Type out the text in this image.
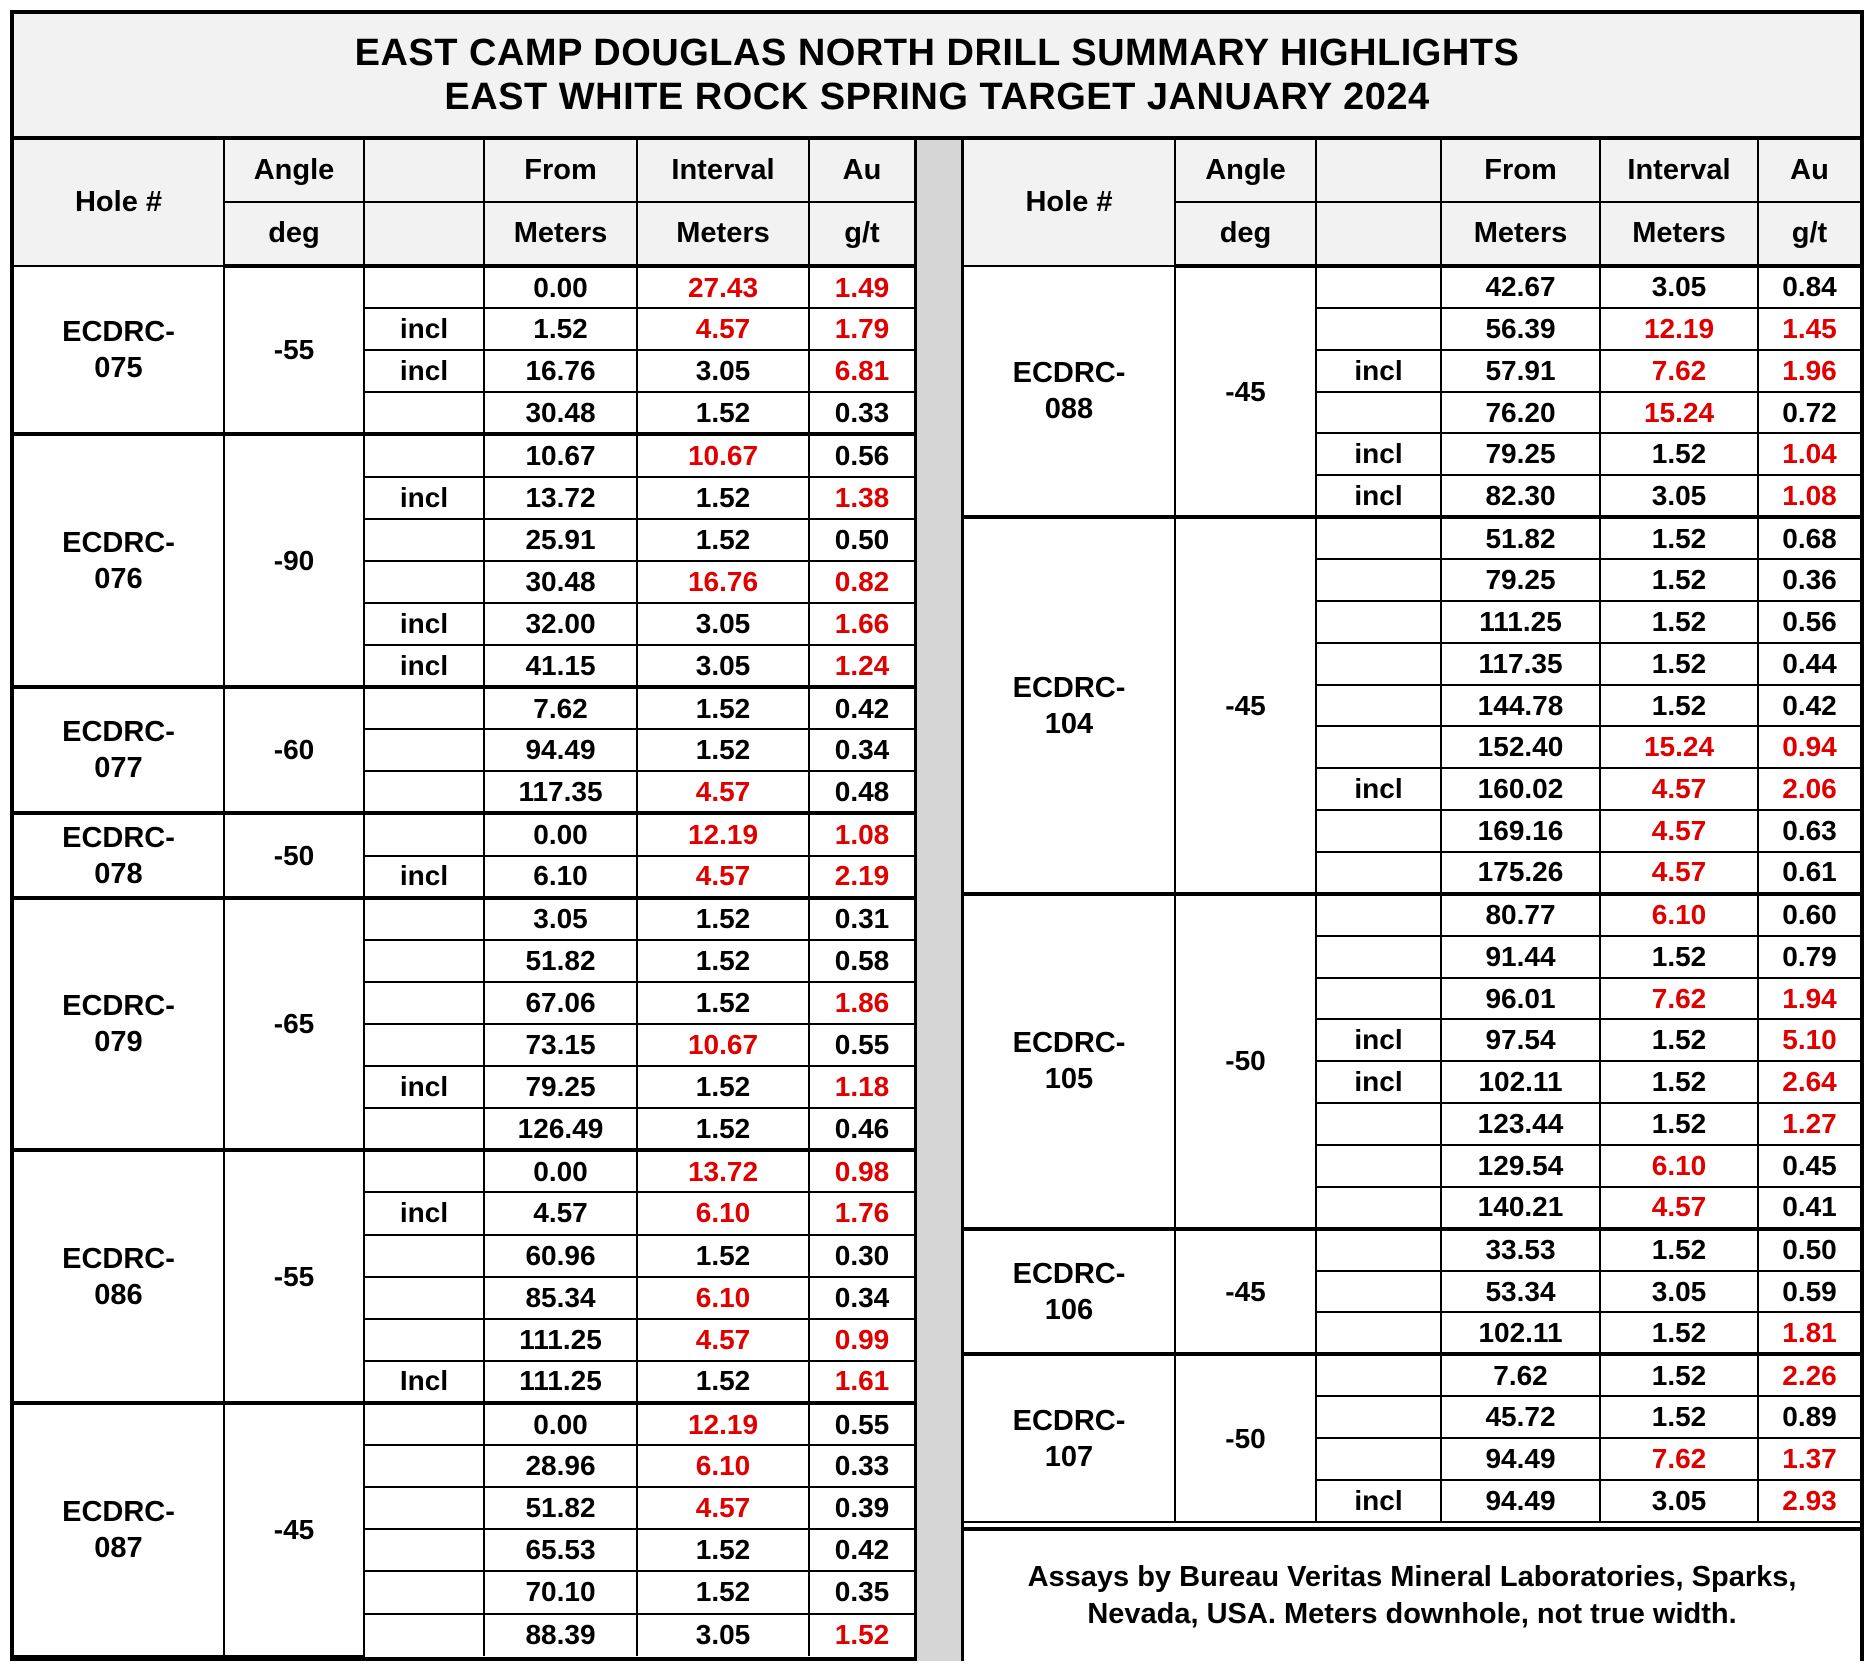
EAST CAMP DOUGLAS NORTH DRILL SUMMARY HIGHLIGHTS
EAST WHITE ROCK SPRING TARGET JANUARY 2024
Hole #	Angle		From	Interval	Au
	deg		Meters	Meters	g/t
ECDRC-
075	-55		0.00	27.43	1.49
		incl	1.52	4.57	1.79
		incl	16.76	3.05	6.81
			30.48	1.52	0.33
ECDRC-
076	-90		10.67	10.67	0.56
		incl	13.72	1.52	1.38
			25.91	1.52	0.50
			30.48	16.76	0.82
		incl	32.00	3.05	1.66
		incl	41.15	3.05	1.24
ECDRC-
077	-60		7.62	1.52	0.42
			94.49	1.52	0.34
			117.35	4.57	0.48
ECDRC-
078	-50		0.00	12.19	1.08
		incl	6.10	4.57	2.19
ECDRC-
079	-65		3.05	1.52	0.31
			51.82	1.52	0.58
			67.06	1.52	1.86
			73.15	10.67	0.55
		incl	79.25	1.52	1.18
			126.49	1.52	0.46
ECDRC-
086	-55		0.00	13.72	0.98
		incl	4.57	6.10	1.76
			60.96	1.52	0.30
			85.34	6.10	0.34
			111.25	4.57	0.99
		Incl	111.25	1.52	1.61
ECDRC-
087	-45		0.00	12.19	0.55
			28.96	6.10	0.33
			51.82	4.57	0.39
			65.53	1.52	0.42
			70.10	1.52	0.35
			88.39	3.05	1.52
Hole #	Angle		From	Interval	Au
	deg		Meters	Meters	g/t
ECDRC-
088	-45		42.67	3.05	0.84
			56.39	12.19	1.45
		incl	57.91	7.62	1.96
			76.20	15.24	0.72
		incl	79.25	1.52	1.04
		incl	82.30	3.05	1.08
ECDRC-
104	-45		51.82	1.52	0.68
			79.25	1.52	0.36
			111.25	1.52	0.56
			117.35	1.52	0.44
			144.78	1.52	0.42
			152.40	15.24	0.94
		incl	160.02	4.57	2.06
			169.16	4.57	0.63
			175.26	4.57	0.61
ECDRC-
105	-50		80.77	6.10	0.60
			91.44	1.52	0.79
			96.01	7.62	1.94
		incl	97.54	1.52	5.10
		incl	102.11	1.52	2.64
			123.44	1.52	1.27
			129.54	6.10	0.45
			140.21	4.57	0.41
ECDRC-
106	-45		33.53	1.52	0.50
			53.34	3.05	0.59
			102.11	1.52	1.81
ECDRC-
107	-50		7.62	1.52	2.26
			45.72	1.52	0.89
			94.49	7.62	1.37
		incl	94.49	3.05	2.93
Assays by Bureau Veritas Mineral Laboratories, Sparks,
Nevada, USA. Meters downhole, not true width.
